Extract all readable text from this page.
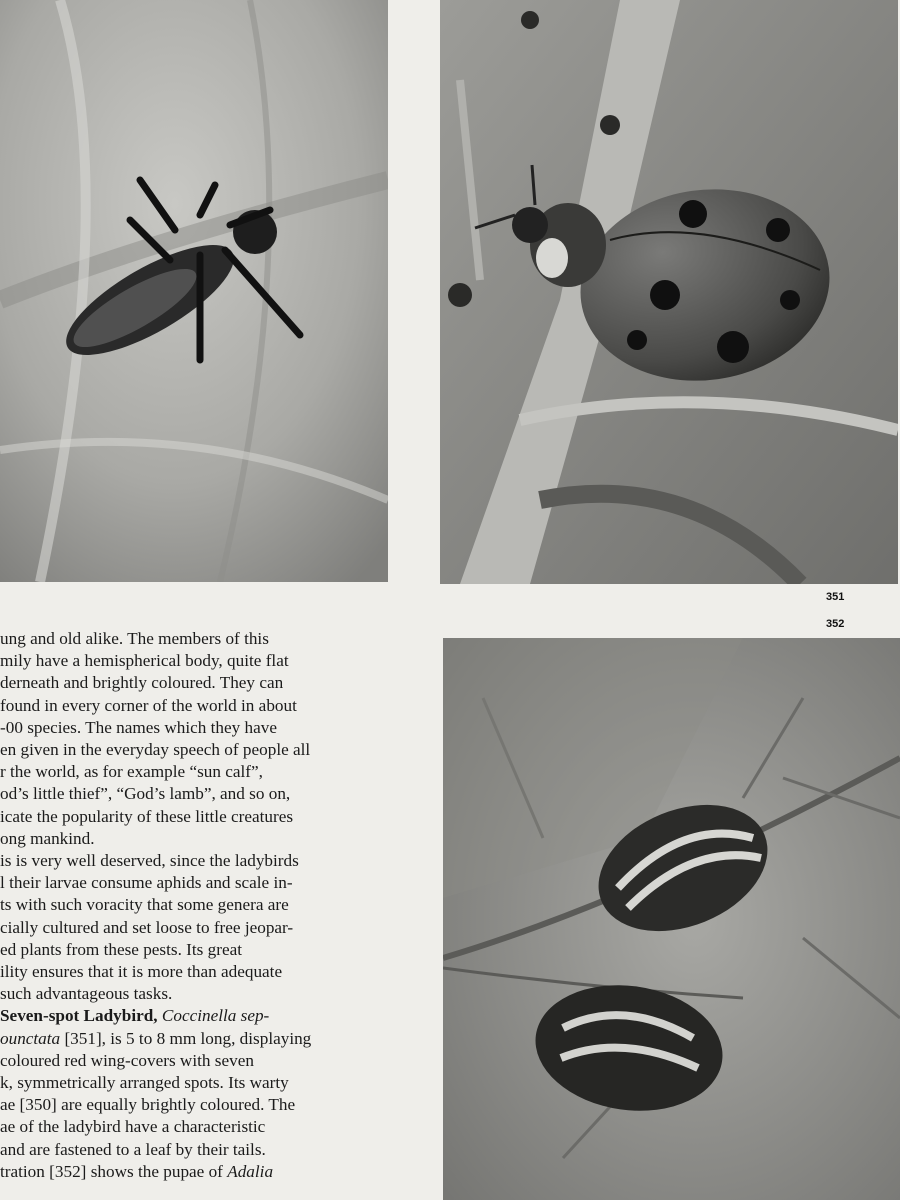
351
352

ung and old alike. The members of this

mily have a hemispherical body, quite flat

derneath and brightly coloured. They can

found in every corner of the world in about

-00 species. The names which they have

en given in the everyday speech of people all

r the world, as for example “sun calf”,

od’s little thief”, “God’s lamb”, and so on,

icate the popularity of these little creatures

ong mankind.

is is very well deserved, since the ladybirds

l their larvae consume aphids and scale in-

ts with such voracity that some genera are

cially cultured and set loose to free jeopar-

ed plants from these pests. Its great

ility ensures that it is more than adequate

such advantageous tasks.

Seven-spot Ladybird, Coccinella sep-

ounctata [351], is 5 to 8 mm long, displaying

coloured red wing-covers with seven

k, symmetrically arranged spots. Its warty

ae [350] are equally brightly coloured. The

ae of the ladybird have a characteristic

and are fastened to a leaf by their tails.

tration [352] shows the pupae of Adalia
